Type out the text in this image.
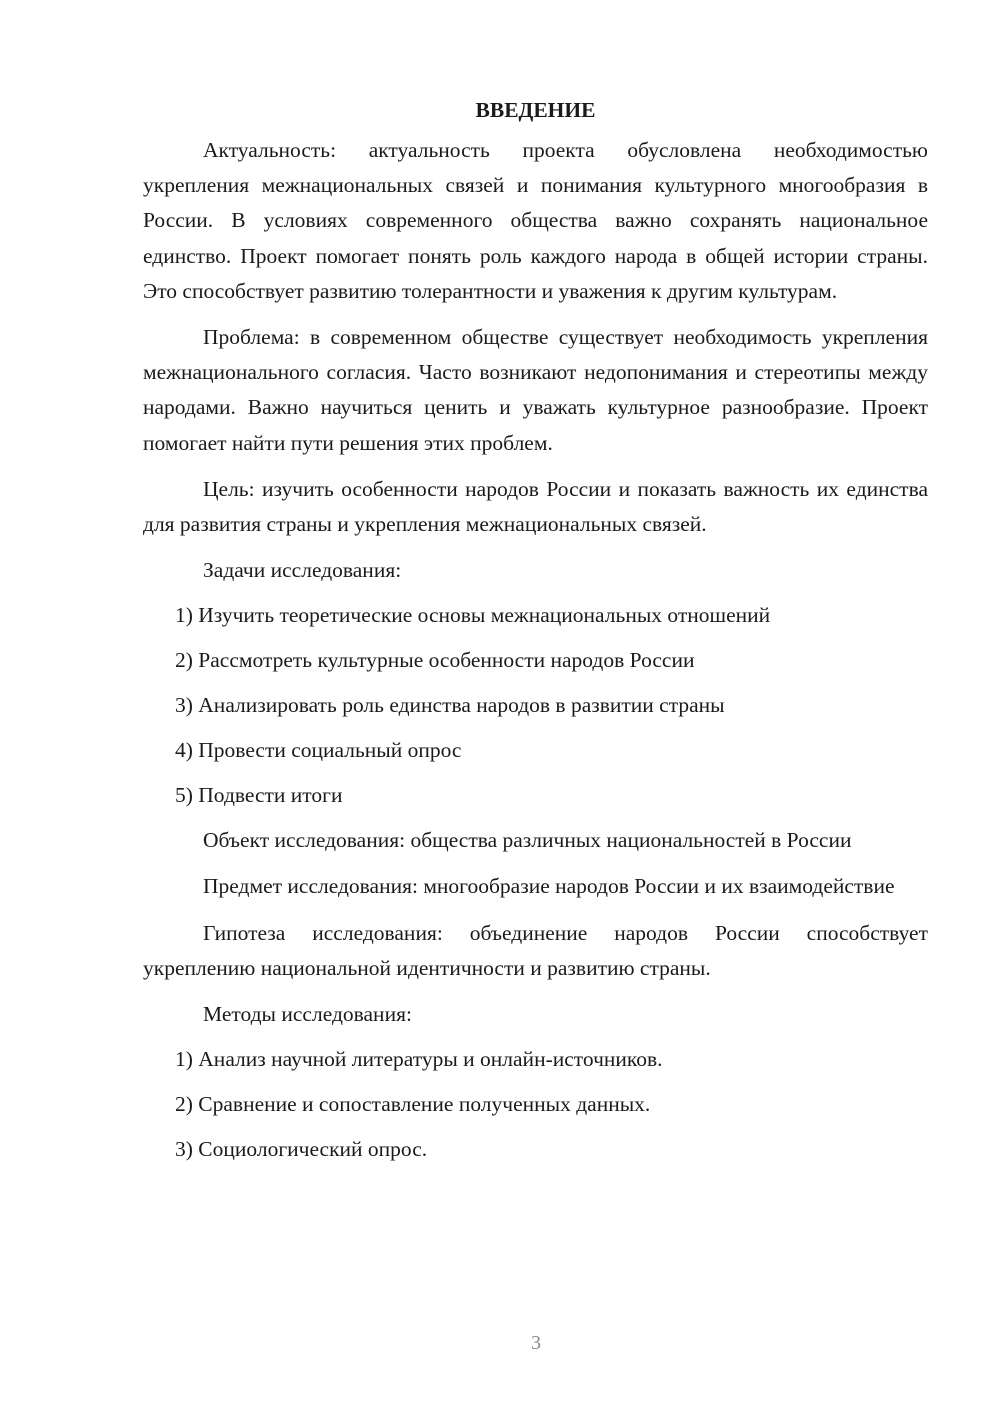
ВВЕДЕНИЕ

Актуальность: актуальность проекта обусловлена необходимостью укрепления межнациональных связей и понимания культурного многообразия в России. В условиях современного общества важно сохранять национальное единство. Проект помогает понять роль каждого народа в общей истории страны. Это способствует развитию толерантности и уважения к другим культурам.

Проблема: в современном обществе существует необходимость укрепления межнационального согласия. Часто возникают недопонимания и стереотипы между народами. Важно научиться ценить и уважать культурное разнообразие. Проект помогает найти пути решения этих проблем.

Цель: изучить особенности народов России и показать важность их единства для развития страны и укрепления межнациональных связей.

Задачи исследования:
1) Изучить теоретические основы межнациональных отношений
2) Рассмотреть культурные особенности народов России
3) Анализировать роль единства народов в развитии страны
4) Провести социальный опрос
5) Подвести итоги

Объект исследования: общества различных национальностей в России

Предмет исследования: многообразие народов России и их взаимодействие

Гипотеза исследования: объединение народов России способствует укреплению национальной идентичности и развитию страны.

Методы исследования:
1) Анализ научной литературы и онлайн-источников.
2) Сравнение и сопоставление полученных данных.
3) Социологический опрос.
3
